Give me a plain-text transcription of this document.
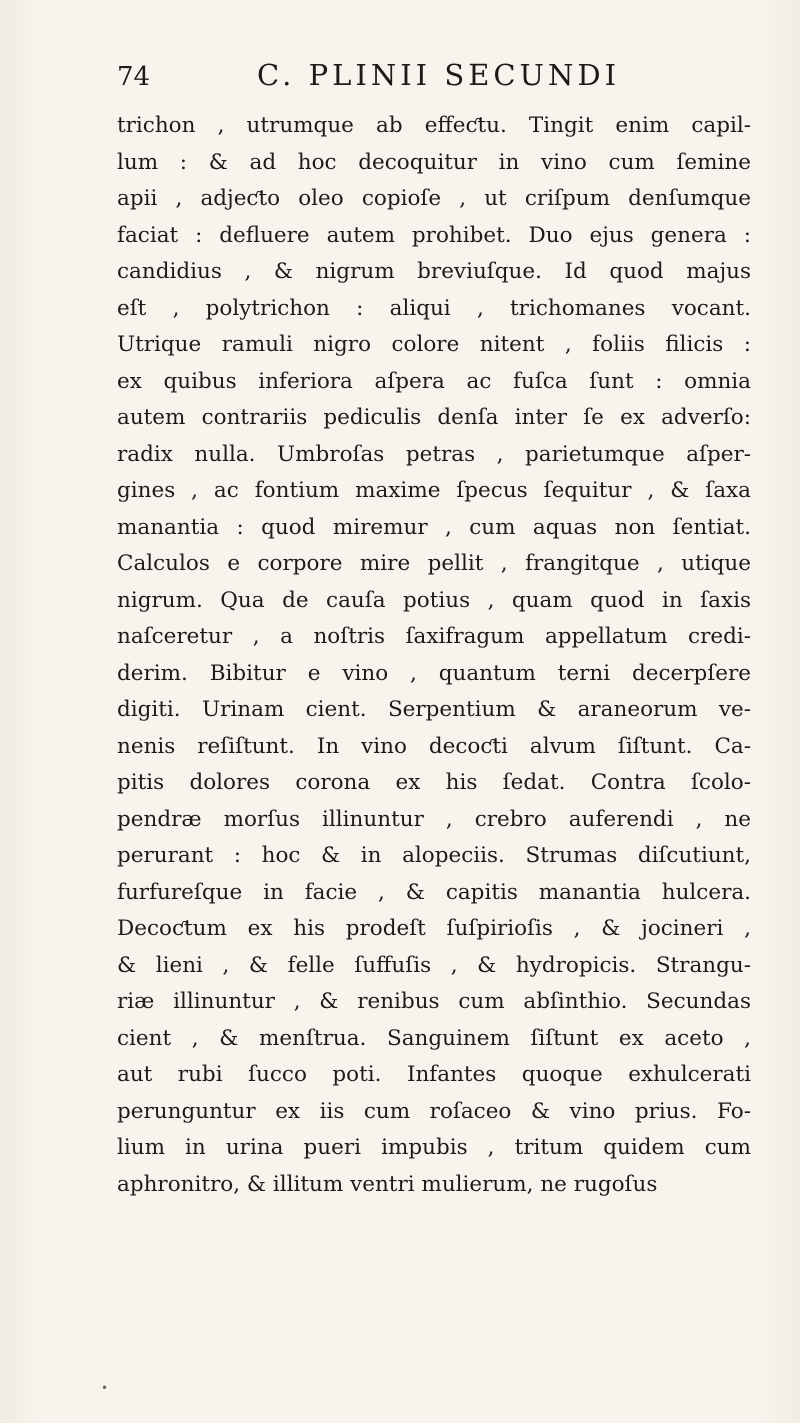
74	C. PLINII SECUNDI
trichon , utrumque ab effeƈtu. Tingit enim capil-
lum : & ad hoc decoquitur in vino cum ſemine
apii , adjeƈto oleo copioſe , ut criſpum denſumque
faciat : defluere autem prohibet. Duo ejus genera :
candidius , & nigrum breviuſque. Id quod majus
eſt , polytrichon : aliqui , trichomanes vocant.
Utrique ramuli nigro colore nitent , foliis filicis :
ex quibus inferiora aſpera ac fuſca ſunt : omnia
autem contrariis pediculis denſa inter ſe ex adverſo:
radix nulla. Umbroſas petras , parietumque aſper-
gines , ac fontium maxime ſpecus ſequitur , & ſaxa
manantia : quod miremur , cum aquas non ſentiat.
Calculos e corpore mire pellit , frangitque , utique
nigrum. Qua de cauſa potius , quam quod in ſaxis
naſceretur , a noſtris ſaxifragum appellatum credi-
derim. Bibitur e vino , quantum terni decerpſere
digiti. Urinam cient. Serpentium & araneorum ve-
nenis reſiſtunt. In vino decoƈti alvum ſiſtunt. Ca-
pitis dolores corona ex his ſedat. Contra ſcolo-
pendræ morſus illinuntur , crebro auferendi , ne
perurant : hoc & in alopeciis. Strumas diſcutiunt,
furfureſque in facie , & capitis manantia hulcera.
Decoƈtum ex his prodeſt ſuſpirioſis , & jocineri ,
& lieni , & felle ſuffuſis , & hydropicis. Strangu-
riæ illinuntur , & renibus cum abſinthio. Secundas
cient , & menſtrua. Sanguinem ſiſtunt ex aceto ,
aut rubi ſucco poti. Infantes quoque exhulcerati
perunguntur ex iis cum roſaceo & vino prius. Fo-
lium in urina pueri impubis , tritum quidem cum
aphronitro, & illitum ventri mulierum, ne rugoſus
•
